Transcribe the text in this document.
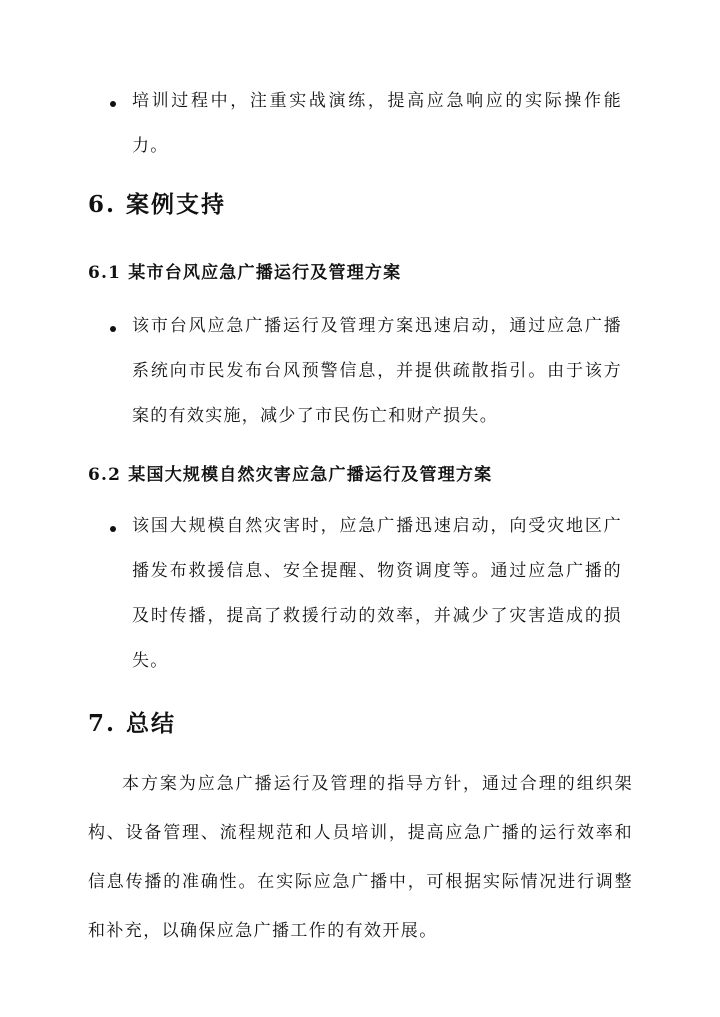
培训过程中，注重实战演练，提高应急响应的实际操作能力。
6. 案例支持
6.1 某市台风应急广播运行及管理方案
该市台风应急广播运行及管理方案迅速启动，通过应急广播系统向市民发布台风预警信息，并提供疏散指引。由于该方案的有效实施，减少了市民伤亡和财产损失。
6.2 某国大规模自然灾害应急广播运行及管理方案
该国大规模自然灾害时，应急广播迅速启动，向受灾地区广播发布救援信息、安全提醒、物资调度等。通过应急广播的及时传播，提高了救援行动的效率，并减少了灾害造成的损失。
7. 总结
本方案为应急广播运行及管理的指导方针，通过合理的组织架构、设备管理、流程规范和人员培训，提高应急广播的运行效率和信息传播的准确性。在实际应急广播中，可根据实际情况进行调整和补充，以确保应急广播工作的有效开展。
